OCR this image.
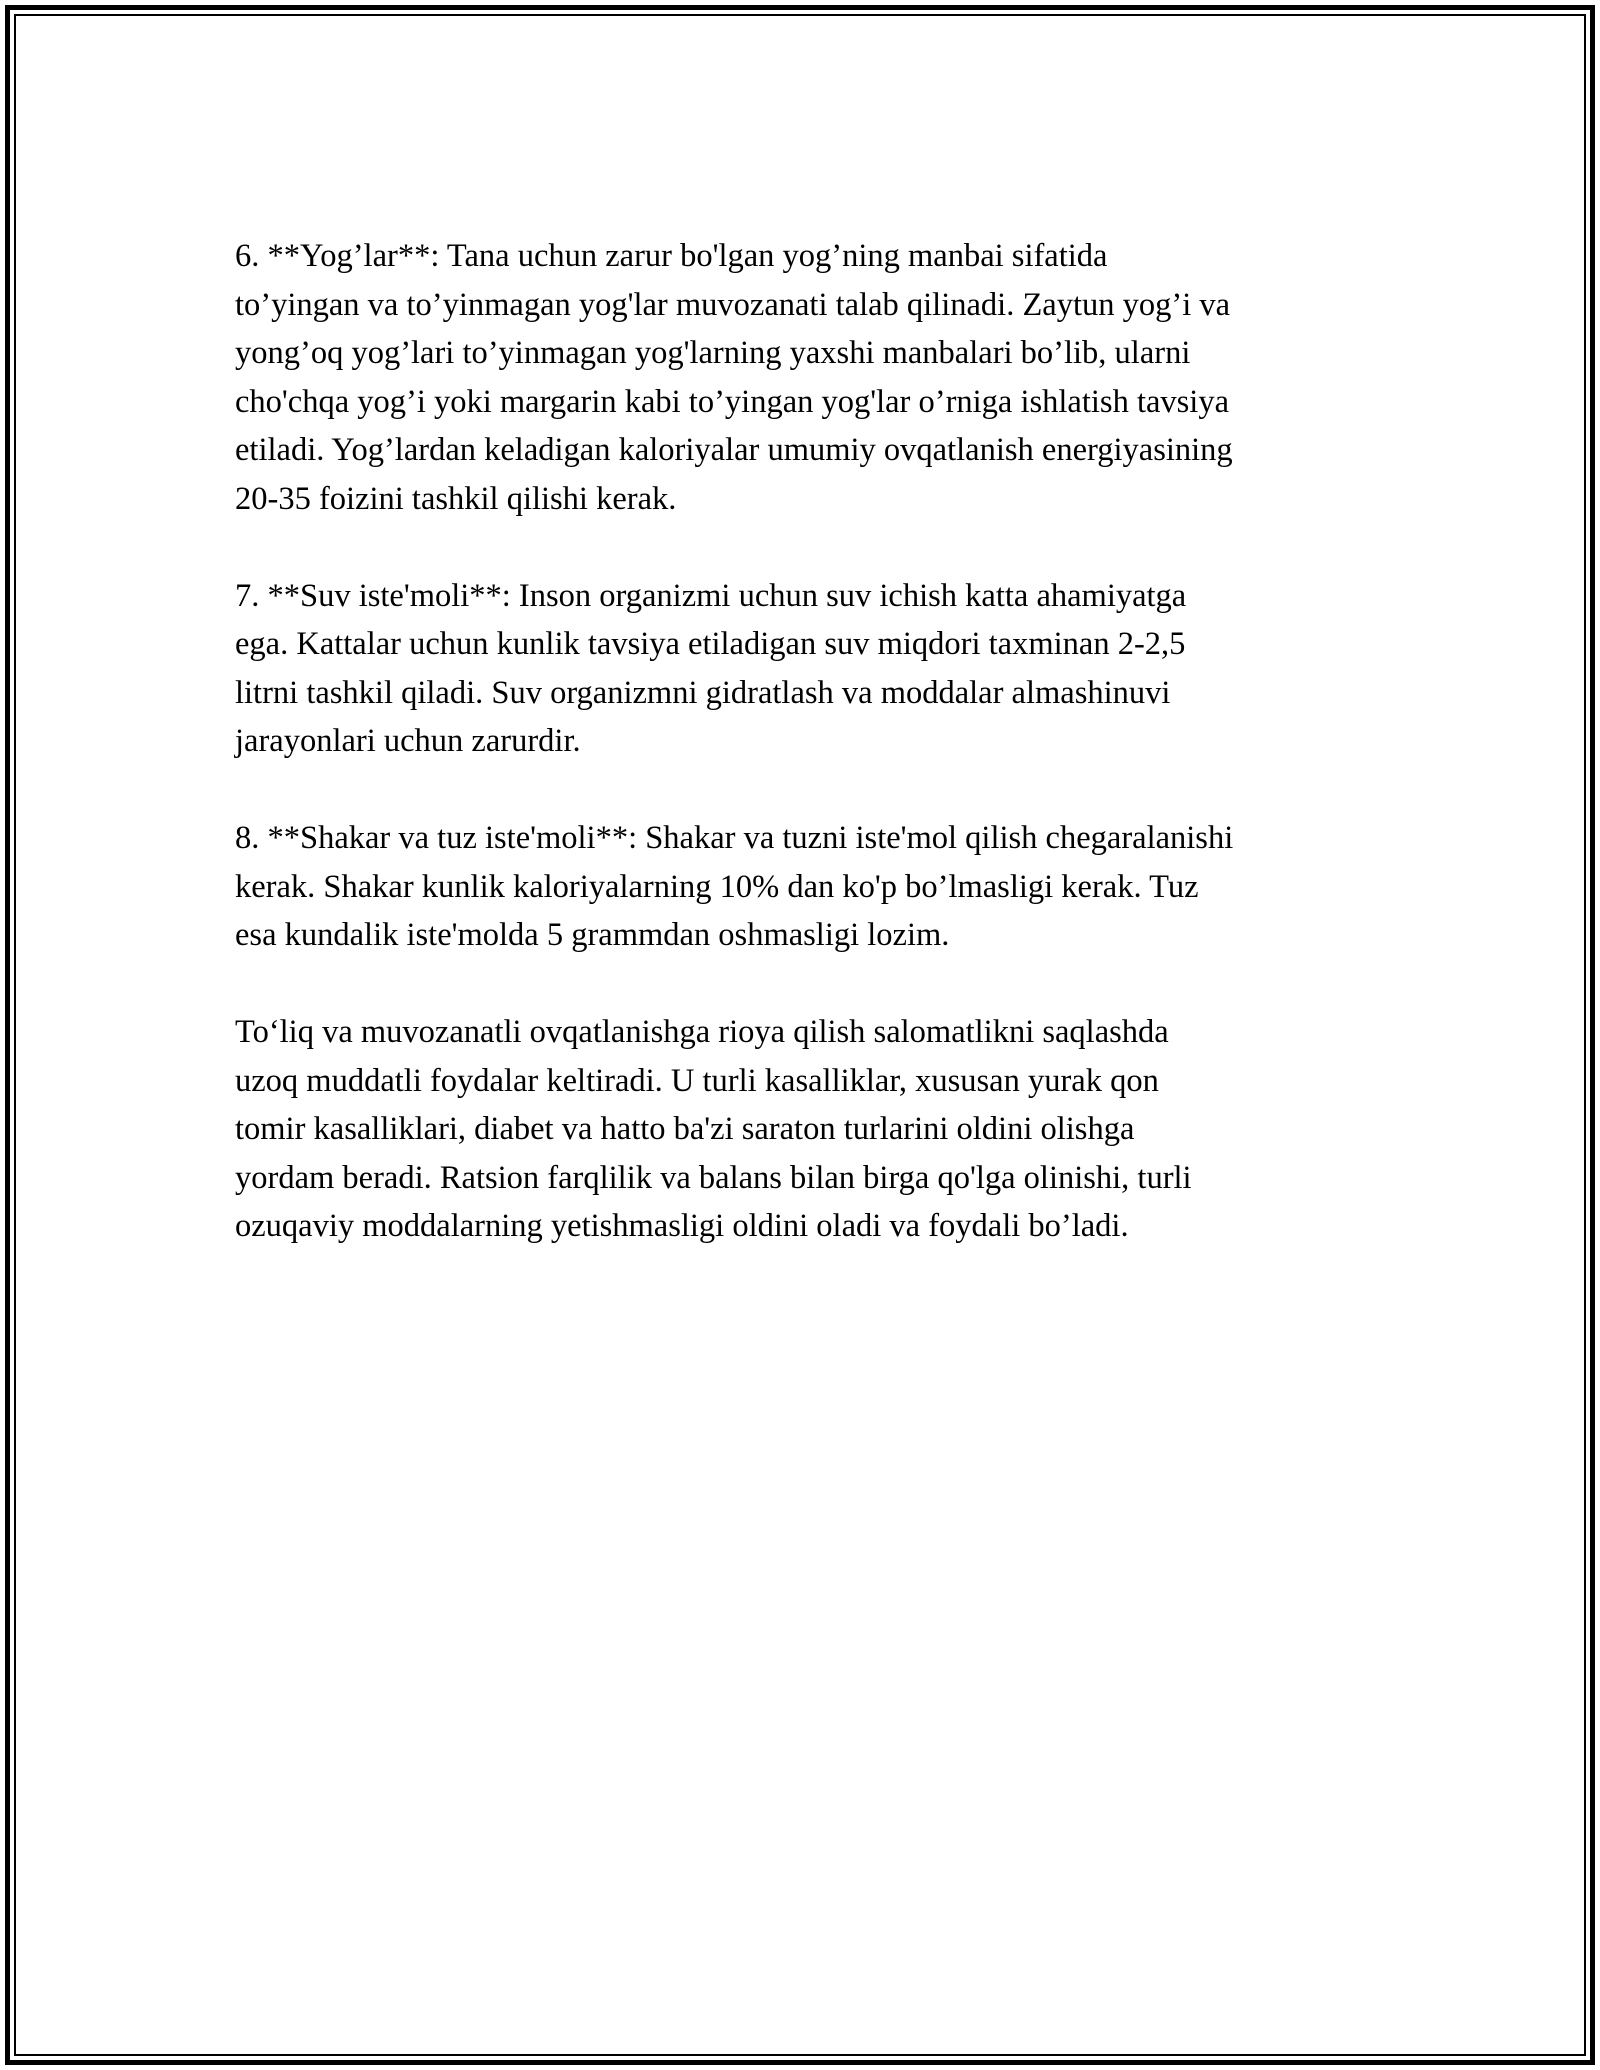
6. **Yog’lar**: Tana uchun zarur bo'lgan yog’ning manbai sifatida
to’yingan va to’yinmagan yog'lar muvozanati talab qilinadi. Zaytun yog’i va
yong’oq yog’lari to’yinmagan yog'larning yaxshi manbalari bo’lib, ularni
cho'chqa yog’i yoki margarin kabi to’yingan yog'lar o’rniga ishlatish tavsiya
etiladi. Yog’lardan keladigan kaloriyalar umumiy ovqatlanish energiyasining
20-35 foizini tashkil qilishi kerak.

7. **Suv iste'moli**: Inson organizmi uchun suv ichish katta ahamiyatga
ega. Kattalar uchun kunlik tavsiya etiladigan suv miqdori taxminan 2-2,5
litrni tashkil qiladi. Suv organizmni gidratlash va moddalar almashinuvi
jarayonlari uchun zarurdir.

8. **Shakar va tuz iste'moli**: Shakar va tuzni iste'mol qilish chegaralanishi
kerak. Shakar kunlik kaloriyalarning 10% dan ko'p bo’lmasligi kerak. Tuz
esa kundalik iste'molda 5 grammdan oshmasligi lozim.

To‘liq va muvozanatli ovqatlanishga rioya qilish salomatlikni saqlashda
uzoq muddatli foydalar keltiradi. U turli kasalliklar, xususan yurak qon
tomir kasalliklari, diabet va hatto ba'zi saraton turlarini oldini olishga
yordam beradi. Ratsion farqlilik va balans bilan birga qo'lga olinishi, turli
ozuqaviy moddalarning yetishmasligi oldini oladi va foydali bo’ladi.
